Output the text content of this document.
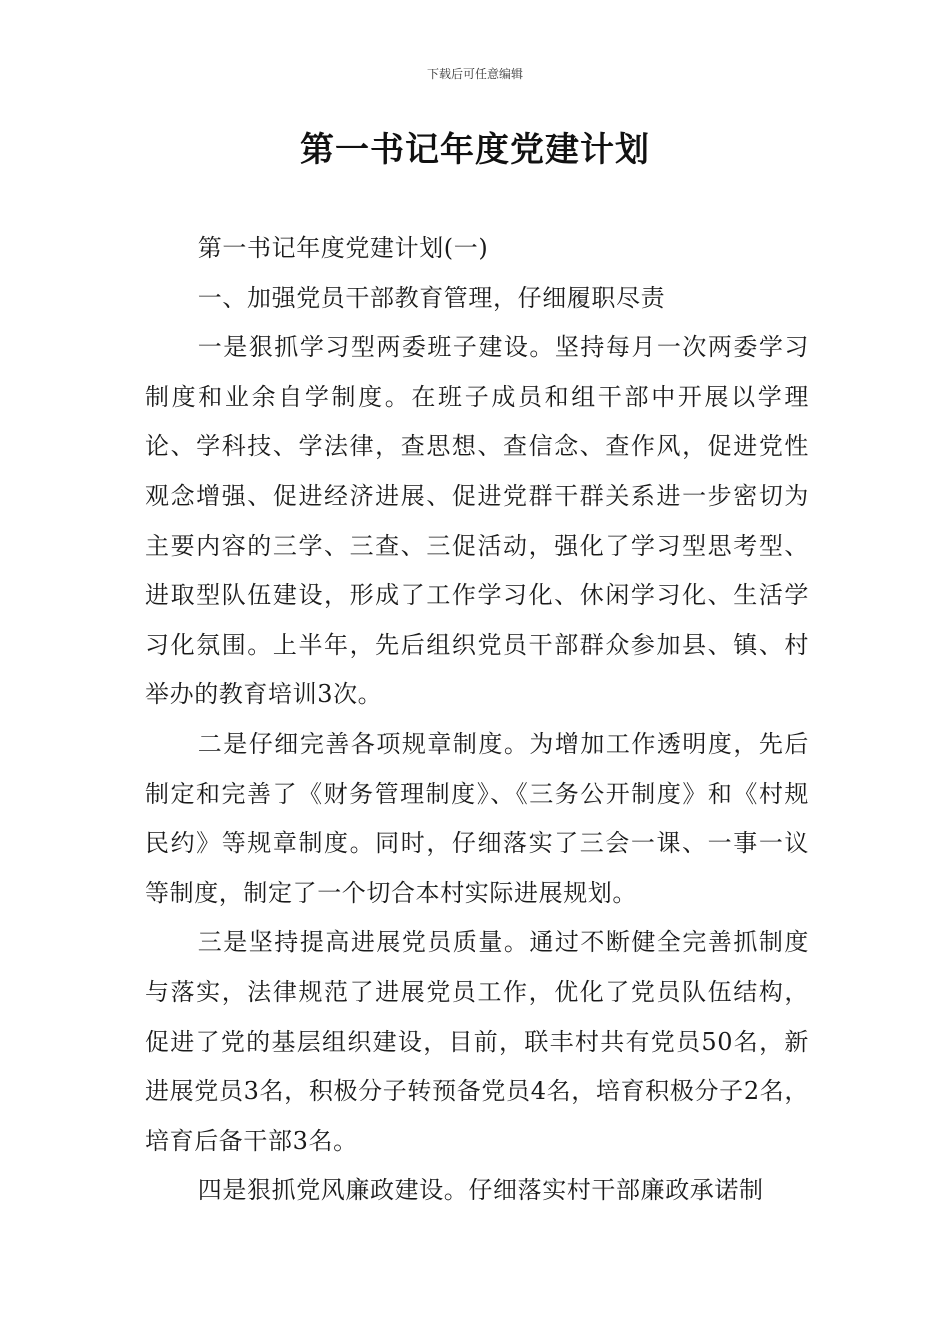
下载后可任意编辑
第一书记年度党建计划

第一书记年度党建计划(一)

一、加强党员干部教育管理，仔细履职尽责

一是狠抓学习型两委班子建设。坚持每月一次两委学习制度和业余自学制度。在班子成员和组干部中开展以学理论、学科技、学法律，查思想、查信念、查作风，促进党性观念增强、促进经济进展、促进党群干群关系进一步密切为主要内容的三学、三查、三促活动，强化了学习型思考型、进取型队伍建设，形成了工作学习化、休闲学习化、生活学习化氛围。上半年，先后组织党员干部群众参加县、镇、村举办的教育培训3次。

二是仔细完善各项规章制度。为增加工作透明度，先后制定和完善了《财务管理制度》、《三务公开制度》和《村规民约》等规章制度。同时，仔细落实了三会一课、一事一议等制度，制定了一个切合本村实际进展规划。

三是坚持提高进展党员质量。通过不断健全完善抓制度与落实，法律规范了进展党员工作，优化了党员队伍结构，促进了党的基层组织建设，目前，联丰村共有党员50名，新进展党员3名，积极分子转预备党员4名，培育积极分子2名，培育后备干部3名。

四是狠抓党风廉政建设。仔细落实村干部廉政承诺制
